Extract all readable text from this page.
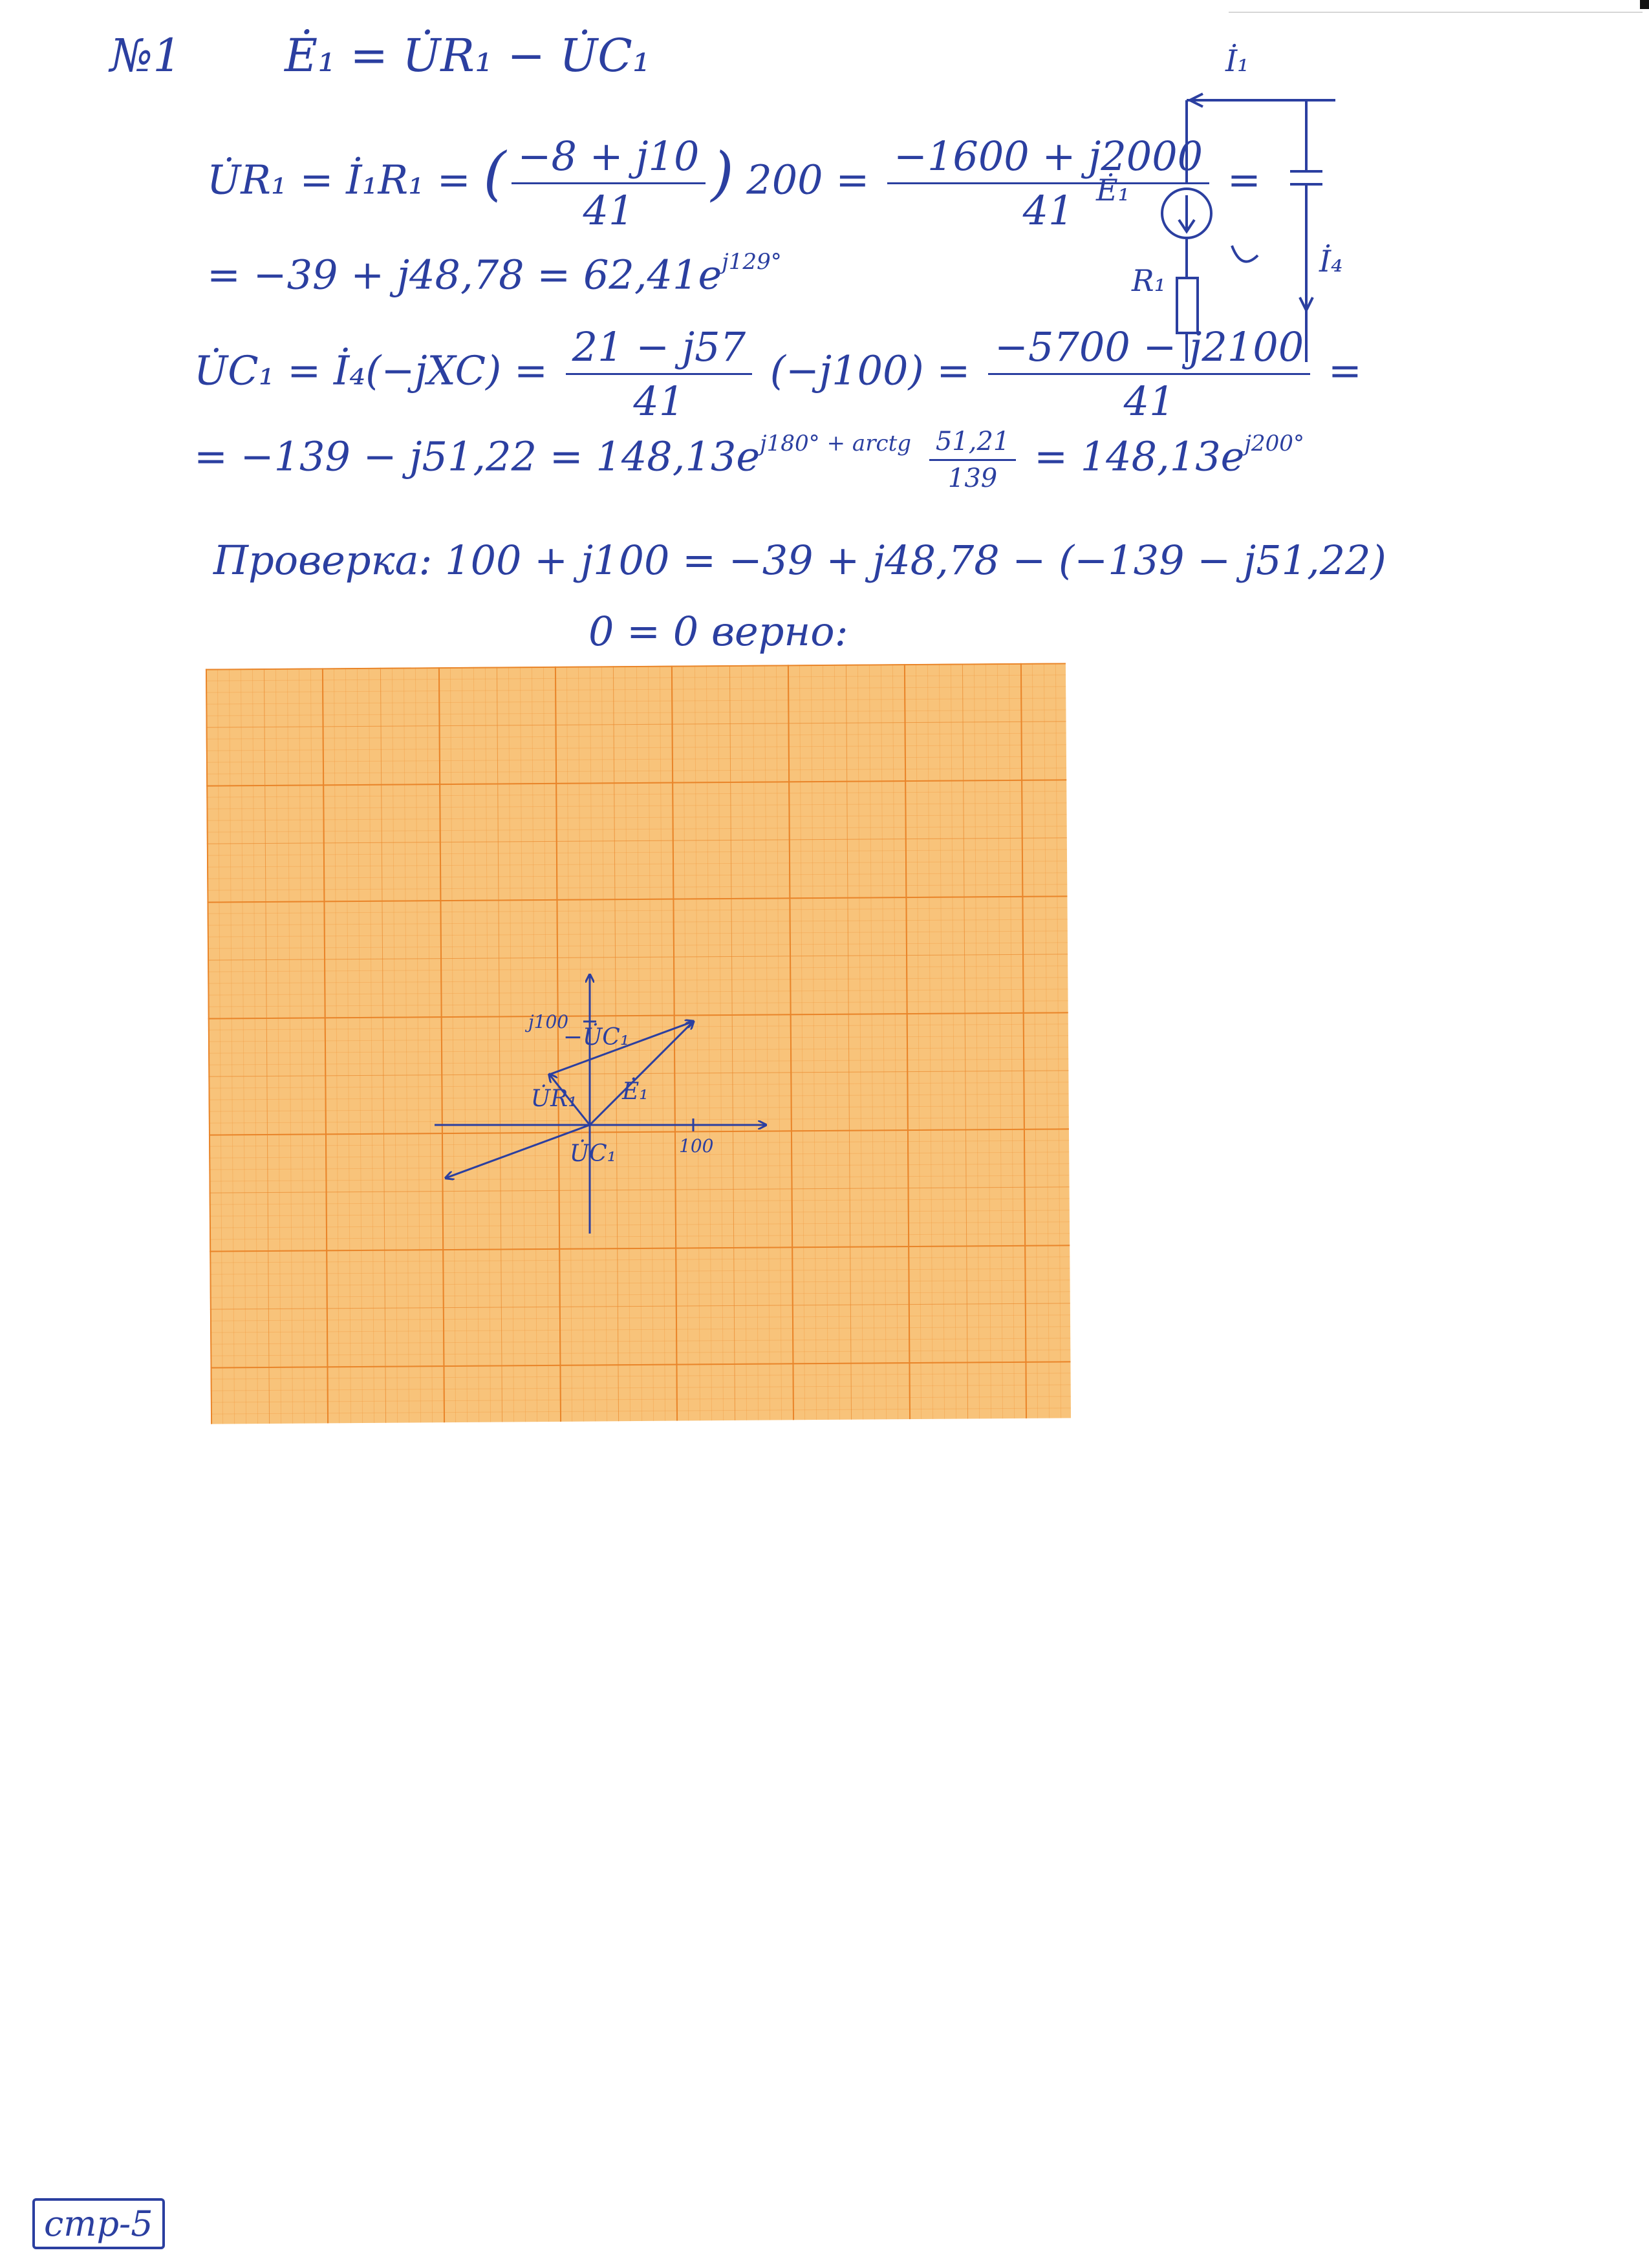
№1 Ė₁ = U̇R₁ − U̇C₁
U̇R₁ = İ₁R₁ = ( $\frac{-8 + j10}{41}$ ) $200 = \frac{-1600 + j2000}{41}$ =
= $-39 + j48,78 = 62,41e^{j129^\circ}$
U̇C₁ = İ₄(−jXC) = $\frac{21 - j57}{41} (-j100) = \frac{-5700 - j2100}{41}$ =
= $-139 - j51,22 = 148,13e^{j180^\circ + arctg} \frac{51,21}{139} = 148,13e^{j200^\circ}$
Проверка: 100 + j100 = −39 + j48,78 − (−139 − j51,22)
0 = 0 верно:
İ₁
Ė₁
R₁
İ₄
100
j100
Ė₁
U̇R₁
−U̇C₁
U̇C₁
стр-5
